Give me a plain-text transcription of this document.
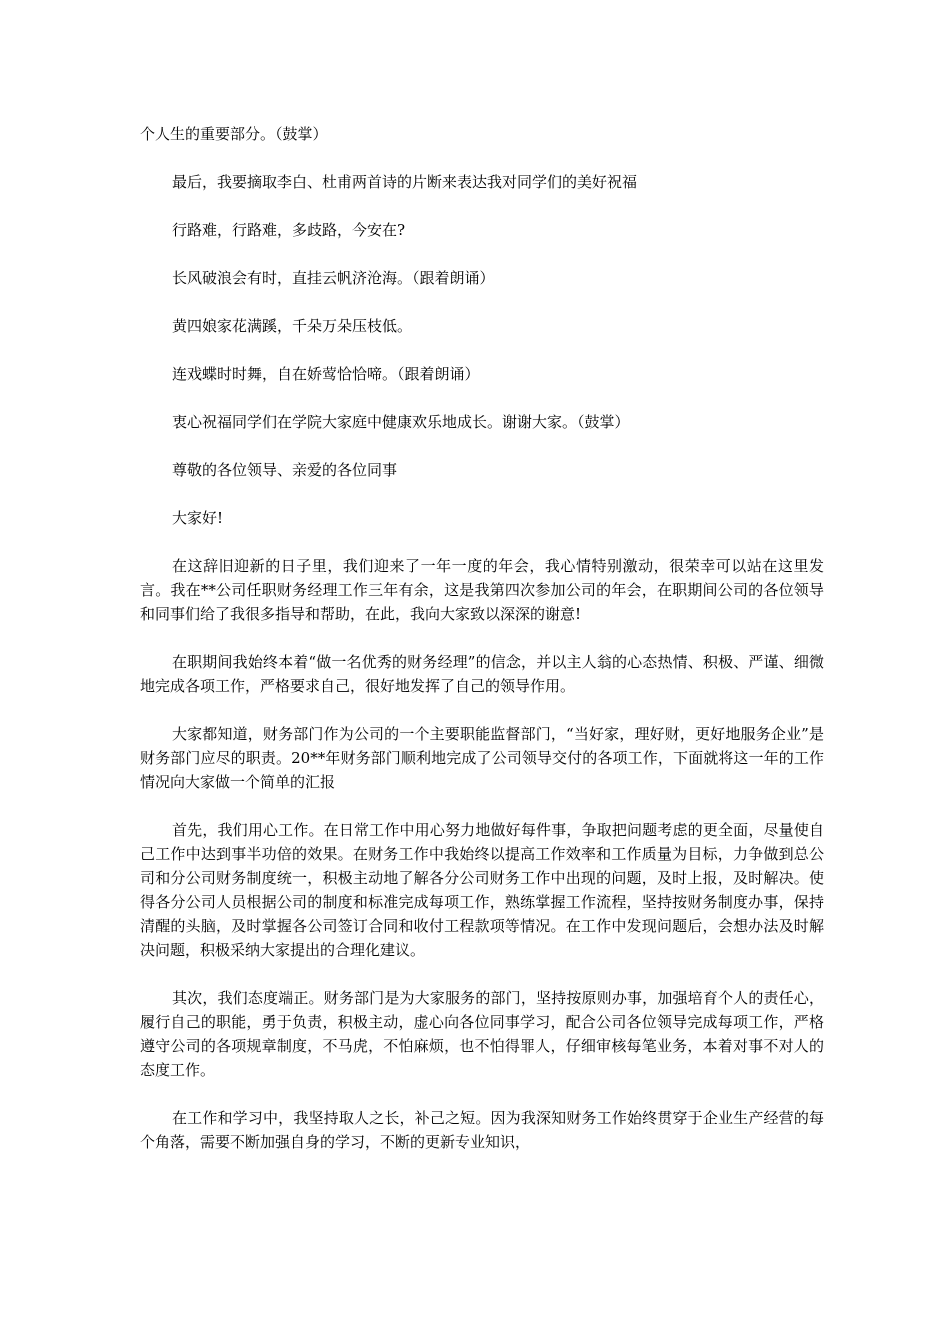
个人生的重要部分。（鼓掌）

最后，我要摘取李白、杜甫两首诗的片断来表达我对同学们的美好祝福

行路难，行路难，多歧路，今安在?

长风破浪会有时，直挂云帆济沧海。（跟着朗诵）

黄四娘家花满蹊，千朵万朵压枝低。

连戏蝶时时舞，自在娇莺恰恰啼。（跟着朗诵）

衷心祝福同学们在学院大家庭中健康欢乐地成长。谢谢大家。（鼓掌）

尊敬的各位领导、亲爱的各位同事

大家好!

在这辞旧迎新的日子里，我们迎来了一年一度的年会，我心情特别激动，很荣幸可以站在这里发言。我在**公司任职财务经理工作三年有余，这是我第四次参加公司的年会，在职期间公司的各位领导和同事们给了我很多指导和帮助，在此，我向大家致以深深的谢意!

在职期间我始终本着“做一名优秀的财务经理”的信念，并以主人翁的心态热情、积极、严谨、细微地完成各项工作，严格要求自己，很好地发挥了自己的领导作用。

大家都知道，财务部门作为公司的一个主要职能监督部门，“当好家，理好财，更好地服务企业”是财务部门应尽的职责。20**年财务部门顺利地完成了公司领导交付的各项工作，下面就将这一年的工作情况向大家做一个简单的汇报

首先，我们用心工作。在日常工作中用心努力地做好每件事，争取把问题考虑的更全面，尽量使自己工作中达到事半功倍的效果。在财务工作中我始终以提高工作效率和工作质量为目标，力争做到总公司和分公司财务制度统一，积极主动地了解各分公司财务工作中出现的问题，及时上报，及时解决。使得各分公司人员根据公司的制度和标准完成每项工作，熟练掌握工作流程，坚持按财务制度办事，保持清醒的头脑，及时掌握各公司签订合同和收付工程款项等情况。在工作中发现问题后，会想办法及时解决问题，积极采纳大家提出的合理化建议。

其次，我们态度端正。财务部门是为大家服务的部门，坚持按原则办事，加强培育个人的责任心，履行自己的职能，勇于负责，积极主动，虚心向各位同事学习，配合公司各位领导完成每项工作，严格遵守公司的各项规章制度，不马虎，不怕麻烦，也不怕得罪人，仔细审核每笔业务，本着对事不对人的态度工作。

在工作和学习中，我坚持取人之长，补己之短。因为我深知财务工作始终贯穿于企业生产经营的每个角落，需要不断加强自身的学习，不断的更新专业知识，
